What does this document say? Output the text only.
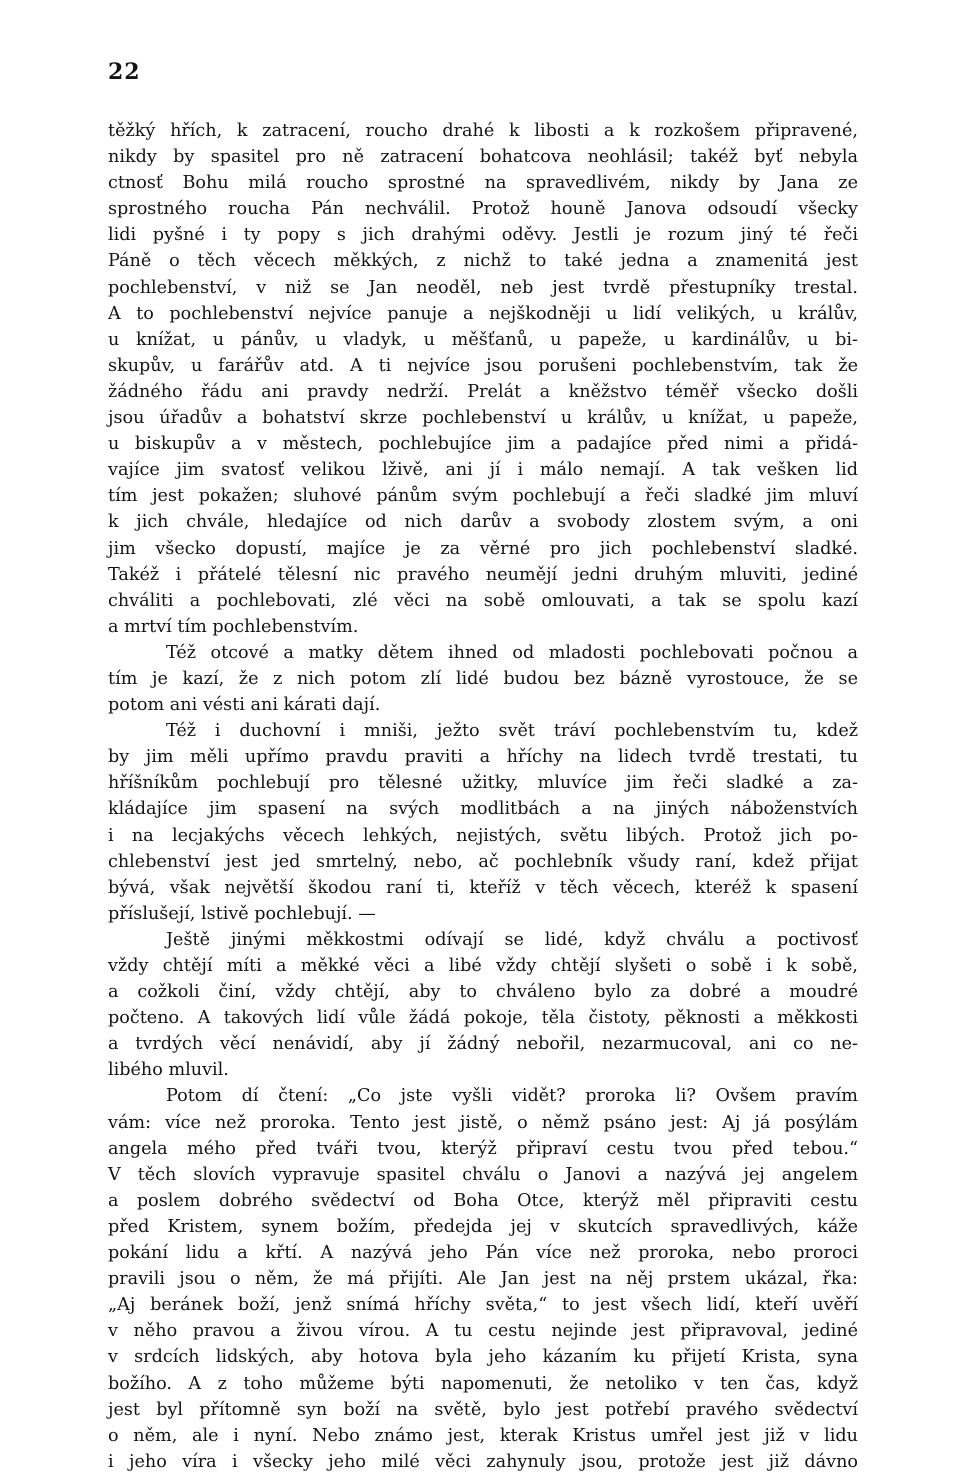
22
těžký hřích, k zatracení, roucho drahé k libosti a k rozkošem připravené,
nikdy by spasitel pro ně zatracení bohatcova neohlásil; takéž byť nebyla
ctnosť Bohu milá roucho sprostné na spravedlivém, nikdy by Jana ze
sprostného roucha Pán nechválil. Protož houně Janova odsoudí všecky
lidi pyšné i ty popy s jich drahými oděvy. Jestli je rozum jiný té řeči
Páně o těch věcech měkkých, z nichž to také jedna a znamenitá jest
pochlebenství, v niž se Jan neoděl, neb jest tvrdě přestupníky trestal.
A to pochlebenství nejvíce panuje a nejškodněji u lidí velikých, u králův,
u knížat, u pánův, u vladyk, u měšťanů, u papeže, u kardinálův, u bi-
skupův, u farářův atd. A ti nejvíce jsou porušeni pochlebenstvím, tak že
žádného řádu ani pravdy nedrží. Prelát a kněžstvo téměř všecko došli
jsou úřadův a bohatství skrze pochlebenství u králův, u knížat, u papeže,
u biskupův a v městech, pochlebujíce jim a padajíce před nimi a přidá-
vajíce jim svatosť velikou lživě, ani jí i málo nemají. A tak vešken lid
tím jest pokažen; sluhové pánům svým pochlebují a řeči sladké jim mluví
k jich chvále, hledajíce od nich darův a svobody zlostem svým, a oni
jim všecko dopustí, majíce je za věrné pro jich pochlebenství sladké.
Takéž i přátelé tělesní nic pravého neumějí jedni druhým mluviti, jediné
chváliti a pochlebovati, zlé věci na sobě omlouvati, a tak se spolu kazí
a mrtví tím pochlebenstvím.
Též otcové a matky dětem ihned od mladosti pochlebovati počnou a
tím je kazí, že z nich potom zlí lidé budou bez bázně vyrostouce, že se
potom ani vésti ani kárati dají.
Též i duchovní i mniši, ježto svět tráví pochlebenstvím tu, kdež
by jim měli upřímo pravdu praviti a hříchy na lidech tvrdě trestati, tu
hříšníkům pochlebují pro tělesné užitky, mluvíce jim řeči sladké a za-
kládajíce jim spasení na svých modlitbách a na jiných náboženstvích
i na lecjakýchs věcech lehkých, nejistých, světu libých. Protož jich po-
chlebenství jest jed smrtelný, nebo, ač pochlebník všudy raní, kdež přijat
bývá, však největší škodou raní ti, kteříž v těch věcech, kteréž k spasení
příslušejí, lstivě pochlebují. —
Ještě jinými měkkostmi odívají se lidé, když chválu a poctivosť
vždy chtějí míti a měkké věci a libé vždy chtějí slyšeti o sobě i k sobě,
a cožkoli činí, vždy chtějí, aby to chváleno bylo za dobré a moudré
počteno. A takových lidí vůle žádá pokoje, těla čistoty, pěknosti a měkkosti
a tvrdých věcí nenávidí, aby jí žádný nebořil, nezarmucoval, ani co ne-
libého mluvil.
Potom dí čtení: „Co jste vyšli vidět? proroka li? Ovšem pravím
vám: více než proroka. Tento jest jistě, o němž psáno jest: Aj já posýlám
angela mého před tváři tvou, kterýž připraví cestu tvou před tebou.“
V těch slovích vypravuje spasitel chválu o Janovi a nazývá jej angelem
a poslem dobrého svědectví od Boha Otce, kterýž měl připraviti cestu
před Kristem, synem božím, předejda jej v skutcích spravedlivých, káže
pokání lidu a křtí. A nazývá jeho Pán více než proroka, nebo proroci
pravili jsou o něm, že má přijíti. Ale Jan jest na něj prstem ukázal, řka:
„Aj beránek boží, jenž snímá hříchy světa,“ to jest všech lidí, kteří uvěří
v něho pravou a živou vírou. A tu cestu nejinde jest připravoval, jediné
v srdcích lidských, aby hotova byla jeho kázaním ku přijetí Krista, syna
božího. A z toho můžeme býti napomenuti, že netoliko v ten čas, když
jest byl přítomně syn boží na světě, bylo jest potřebí pravého svědectví
o něm, ale i nyní. Nebo známo jest, kterak Kristus umřel jest již v lidu
i jeho víra i všecky jeho milé věci zahynuly jsou, protože jest již dávno
